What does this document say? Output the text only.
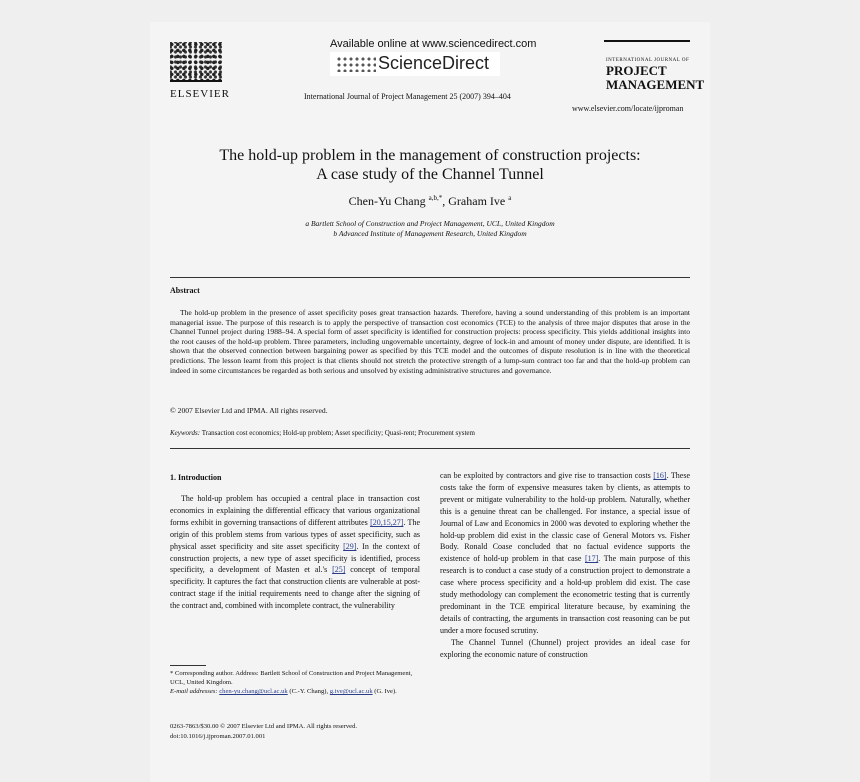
ELSEVIER
Available online at www.sciencedirect.com
ScienceDirect
International Journal of Project Management 25 (2007) 394–404
INTERNATIONAL JOURNAL OF
PROJECT MANAGEMENT
www.elsevier.com/locate/ijproman
The hold-up problem in the management of construction projects:
A case study of the Channel Tunnel
Chen-Yu Chang $^{a,b,*}$, Graham Ive $^a$
a Bartlett School of Construction and Project Management, UCL, United Kingdom
b Advanced Institute of Management Research, United Kingdom
Abstract
The hold-up problem in the presence of asset specificity poses great transaction hazards. Therefore, having a sound understanding of this problem is an important managerial issue. The purpose of this research is to apply the perspective of transaction cost economics (TCE) to the analysis of three major disputes that arose in the Channel Tunnel project during 1988–94. A special form of asset specificity is identified for construction projects: process specificity. This yields additional insights into the root causes of the hold-up problem. Three parameters, including ungovernable uncertainty, degree of lock-in and amount of money under dispute, are identified. It is shown that the observed connection between bargaining power as specified by this TCE model and the outcomes of dispute resolution is in line with the theoretical predictions. The lesson learnt from this project is that clients should not stretch the protective strength of a lump-sum contract too far and that the hold-up problem can indeed in some circumstances be regarded as both serious and unsolved by existing administrative structures and governance.
© 2007 Elsevier Ltd and IPMA. All rights reserved.
Keywords: Transaction cost economics; Hold-up problem; Asset specificity; Quasi-rent; Procurement system
1. Introduction

The hold-up problem has occupied a central place in transaction cost economics in explaining the differential efficacy that various organizational forms exhibit in governing transactions of different attributes [20,15,27]. The origin of this problem stems from various types of asset specificity, such as physical asset specificity and site asset specificity [29]. In the context of construction projects, a new type of asset specificity is identified, process specificity, a development of Masten et al.'s [25] concept of temporal specificity. It captures the fact that construction clients are vulnerable at post-contract stage if the initial requirements need to change after the signing of the contract and, combined with incomplete contract, the vulnerability

can be exploited by contractors and give rise to transaction costs [16]. These costs take the form of expensive measures taken by clients, as attempts to prevent or mitigate vulnerability to the hold-up problem. Naturally, whether this is a genuine threat can be challenged. For instance, a special issue of Journal of Law and Economics in 2000 was devoted to exploring whether the hold-up problem did exist in the classic case of General Motors vs. Fisher Body. Ronald Coase concluded that no factual evidence supports the existence of hold-up problem in that case [17]. The main purpose of this research is to conduct a case study of a construction project to demonstrate a case where process specificity and a hold-up problem did exist. The case study methodology can complement the econometric testing that is currently predominant in the TCE empirical literature because, by examining the details of contracting, the arguments in transaction cost reasoning can be put under a more focused scrutiny.

The Channel Tunnel (Chunnel) project provides an ideal case for exploring the economic nature of construction

* Corresponding author. Address: Bartlett School of Construction and Project Management, UCL, United Kingdom.
E-mail addresses: chen-yu.chang@ucl.ac.uk (C.-Y. Chang), g.ive@ucl.ac.uk (G. Ive).
0263-7863/$30.00 © 2007 Elsevier Ltd and IPMA. All rights reserved.
doi:10.1016/j.ijproman.2007.01.001
